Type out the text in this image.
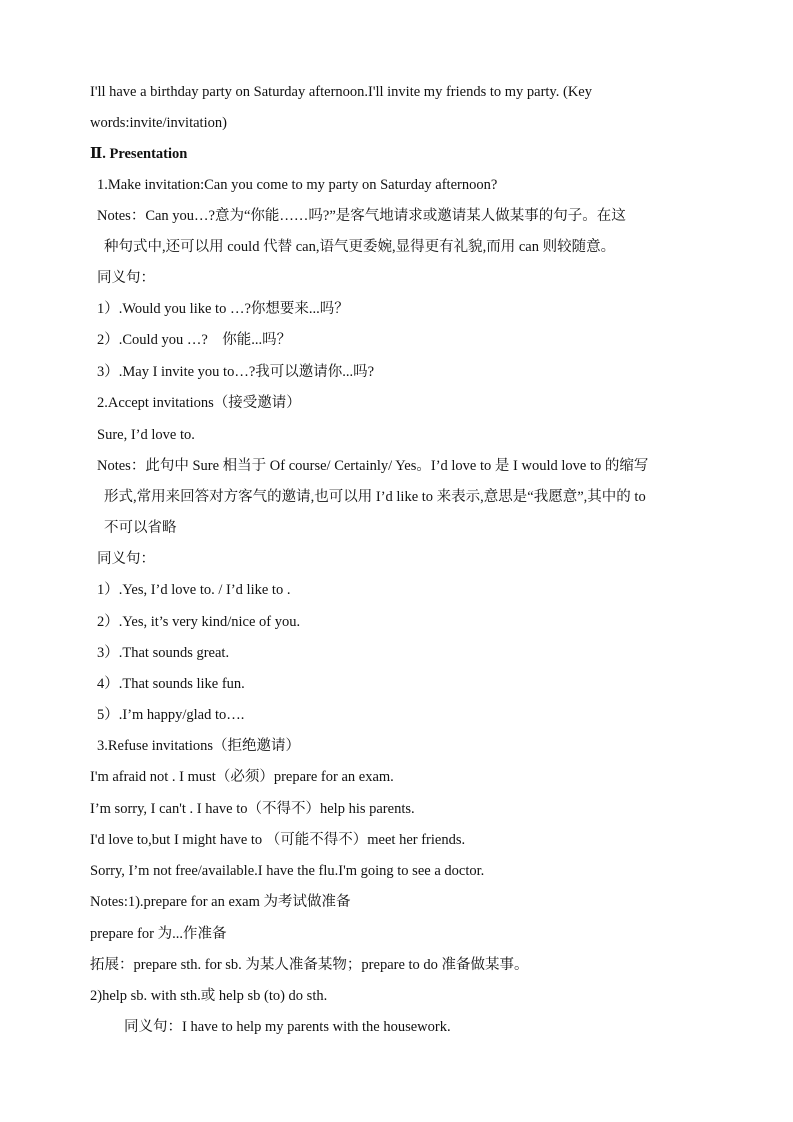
I'll have a birthday party on Saturday afternoon.I'll invite my friends to my party. (Key
words:invite/invitation)
Ⅱ. Presentation
1.Make invitation:Can you come to my party on Saturday afternoon?
Notes：Can you…?意为“你能……吗?”是客气地请求或邀请某人做某事的句子。在这
种句式中,还可以用 could 代替 can,语气更委婉,显得更有礼貌,而用 can 则较随意。
同义句：
1）.Would you like to …?你想要来...吗？
2）.Could you …?　你能...吗？
3）.May I invite you to…?我可以邀请你...吗?
2.Accept invitations（接受邀请）
Sure, I’d love to.
Notes：此句中 Sure 相当于 Of course/ Certainly/ Yes。I’d love to 是 I would love to 的缩写
形式,常用来回答对方客气的邀请,也可以用 I’d like to 来表示,意思是“我愿意”,其中的 to
不可以省略
同义句：
1）.Yes, I’d love to. / I’d like to .
2）.Yes, it’s very kind/nice of you.
3）.That sounds great.
4）.That sounds like fun.
5）.I’m happy/glad to….
3.Refuse invitations（拒绝邀请）
I'm afraid not . I must（必须）prepare for an exam.
I’m sorry, I can't . I have to（不得不）help his parents.
I'd love to,but I might have to （可能不得不）meet her friends.
Sorry, I’m not free/available.I have the flu.I'm going to see a doctor.
Notes:1).prepare for an exam 为考试做准备
prepare for 为...作准备
拓展：prepare sth. for sb. 为某人准备某物；prepare to do 准备做某事。
2)help sb. with sth.或 help sb (to) do sth.
同义句：I have to help my parents with the housework.
